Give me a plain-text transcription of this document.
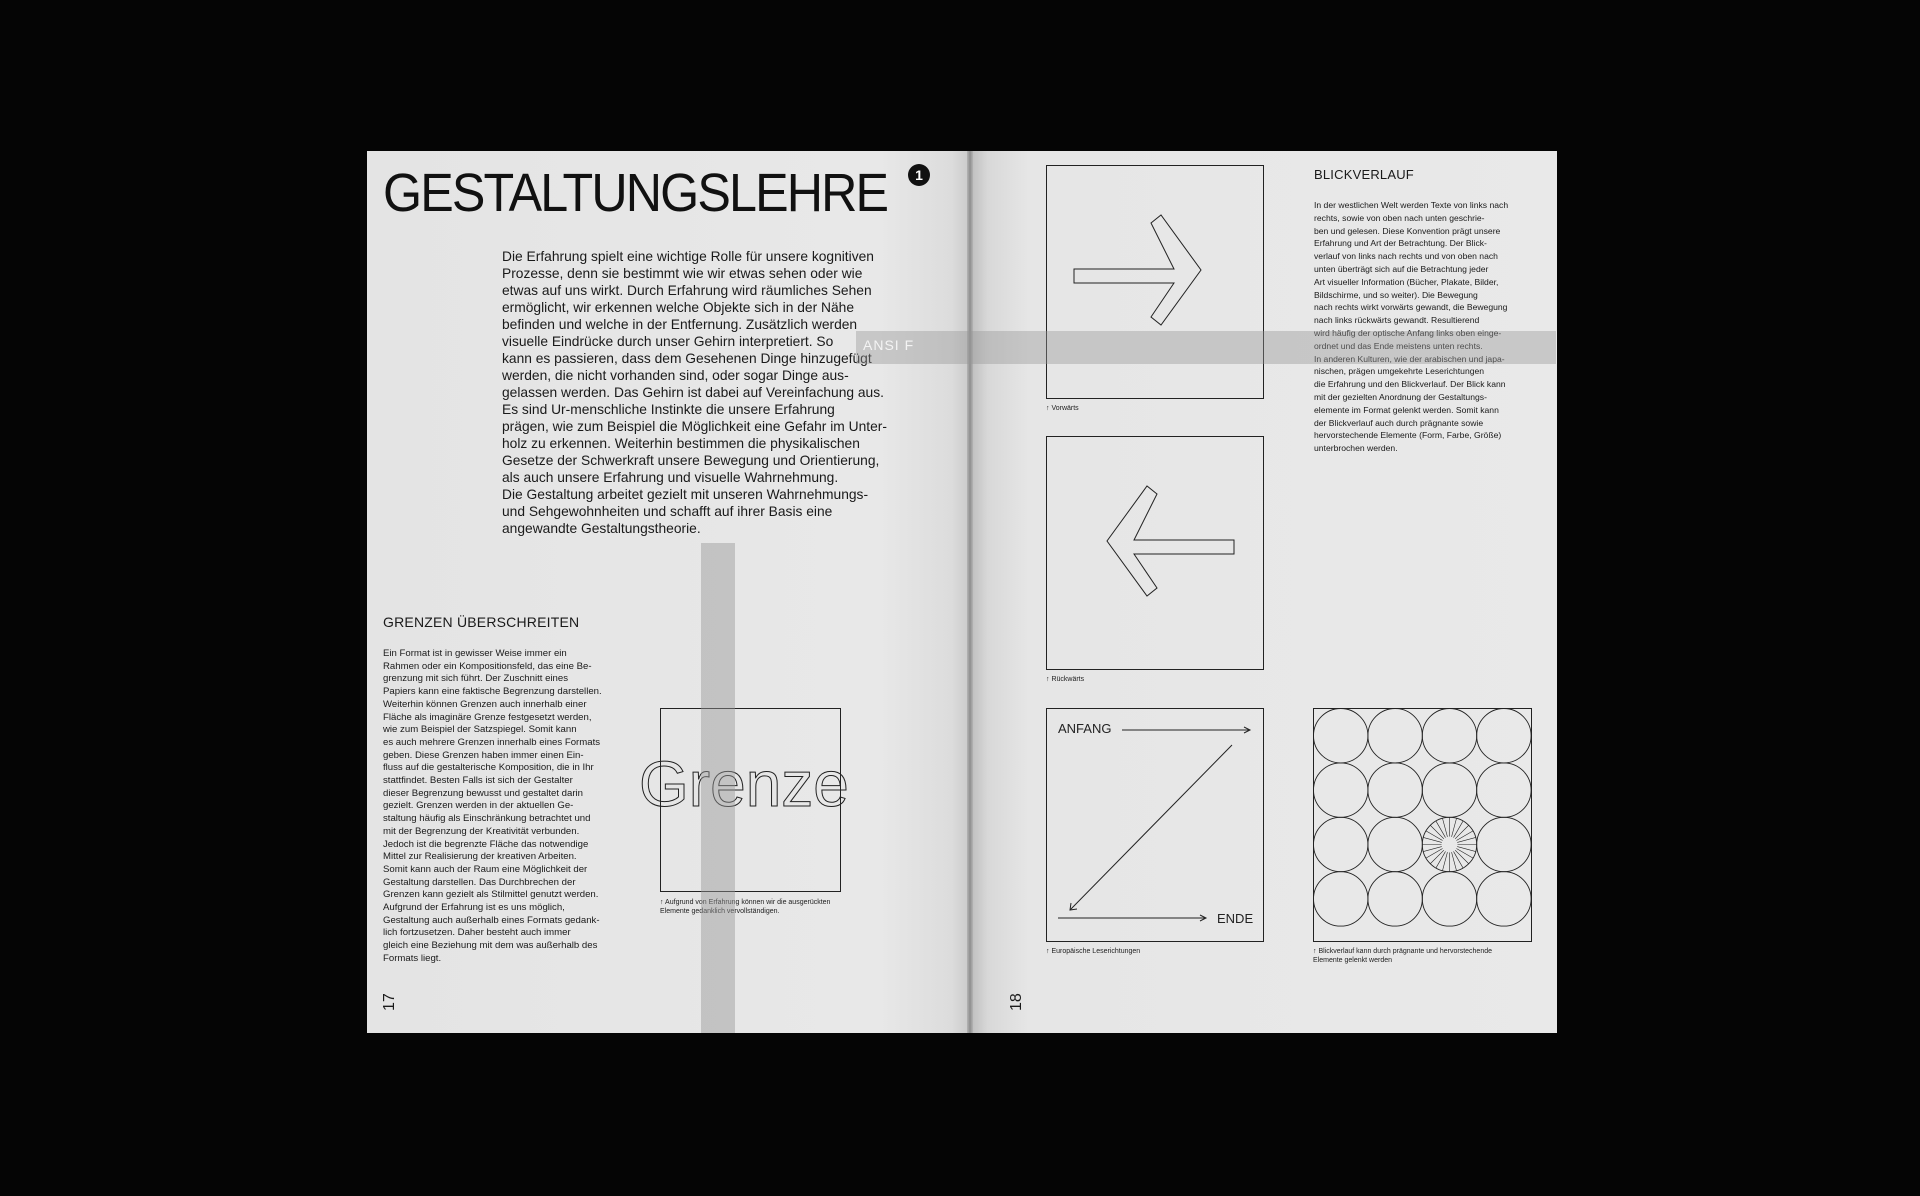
GESTALTUNGSLEHRE	1
Die Erfahrung spielt eine wichtige Rolle für unsere kognitiven
Prozesse, denn sie bestimmt wie wir etwas sehen oder wie
etwas auf uns wirkt. Durch Erfahrung wird räumliches Sehen
ermöglicht, wir erkennen welche Objekte sich in der Nähe
befinden und welche in der Entfernung. Zusätzlich werden
visuelle Eindrücke durch unser Gehirn interpretiert. So
kann es passieren, dass dem Gesehenen Dinge hinzugefügt
werden, die nicht vorhanden sind, oder sogar Dinge aus-
gelassen werden. Das Gehirn ist dabei auf Vereinfachung aus.
Es sind Ur-menschliche Instinkte die unsere Erfahrung
prägen, wie zum Beispiel die Möglichkeit eine Gefahr im Unter-
holz zu erkennen. Weiterhin bestimmen die physikalischen
Gesetze der Schwerkraft unsere Bewegung und Orientierung,
als auch unsere Erfahrung und visuelle Wahrnehmung.
Die Gestaltung arbeitet gezielt mit unseren Wahrnehmungs-
und Sehgewohnheiten und schafft auf ihrer Basis eine
angewandte Gestaltungstheorie.
GRENZEN ÜBERSCHREITEN
Ein Format ist in gewisser Weise immer ein
Rahmen oder ein Kompositionsfeld, das eine Be-
grenzung mit sich führt. Der Zuschnitt eines
Papiers kann eine faktische Begrenzung darstellen.
Weiterhin können Grenzen auch innerhalb einer
Fläche als imaginäre Grenze festgesetzt werden,
wie zum Beispiel der Satzspiegel. Somit kann
es auch mehrere Grenzen innerhalb eines Formats
geben. Diese Grenzen haben immer einen Ein-
fluss auf die gestalterische Komposition, die in Ihr
stattfindet. Besten Falls ist sich der Gestalter
dieser Begrenzung bewusst und gestaltet darin
gezielt. Grenzen werden in der aktuellen Ge-
staltung häufig als Einschränkung betrachtet und
mit der Begrenzung der Kreativität verbunden.
Jedoch ist die begrenzte Fläche das notwendige
Mittel zur Realisierung der kreativen Arbeiten.
Somit kann auch der Raum eine Möglichkeit der
Gestaltung darstellen. Das Durchbrechen der
Grenzen kann gezielt als Stilmittel genutzt werden.
Aufgrund der Erfahrung ist es uns möglich,
Gestaltung auch außerhalb eines Formats gedank-
lich fortzusetzen. Daher besteht auch immer
gleich eine Beziehung mit dem was außerhalb des
Formats liegt.
Grenze
↑ Aufgrund von Erfahrung können wir die ausgerückten
Elemente gedanklich vervollständigen.
17
↑ Vorwärts
↑ Rückwärts
ANFANG
ENDE
↑ Europäische Leserichtungen	↑ Blickverlauf kann durch prägnante und hervorstechende
Elemente gelenkt werden
BLICKVERLAUF
In der westlichen Welt werden Texte von links nach
rechts, sowie von oben nach unten geschrie-
ben und gelesen. Diese Konvention prägt unsere
Erfahrung und Art der Betrachtung. Der Blick-
verlauf von links nach rechts und von oben nach
unten überträgt sich auf die Betrachtung jeder
Art visueller Information (Bücher, Plakate, Bilder,
Bildschirme, und so weiter). Die Bewegung
nach rechts wirkt vorwärts gewandt, die Bewegung
nach links rückwärts gewandt. Resultierend
wird häufig der optische Anfang links oben einge-
ordnet und das Ende meistens unten rechts.
In anderen Kulturen, wie der arabischen und japa-
nischen, prägen umgekehrte Leserichtungen
die Erfahrung und den Blickverlauf. Der Blick kann
mit der gezielten Anordnung der Gestaltungs-
elemente im Format gelenkt werden. Somit kann
der Blickverlauf auch durch prägnante sowie
hervorstechende Elemente (Form, Farbe, Größe)
unterbrochen werden.
18
ANSI F
